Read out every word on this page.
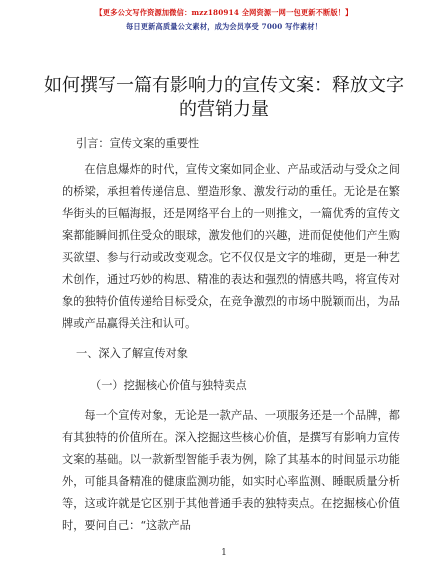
【更多公文写作资源加微信：mzz180914 全网资源一网一包更新不断版！】
每日更新高质量公文素材，成为会员享受 7000 写作素材！
如何撰写一篇有影响力的宣传文案：释放文字的营销力量

引言：宣传文案的重要性

在信息爆炸的时代，宣传文案如同企业、产品或活动与受众之间的桥梁，承担着传递信息、塑造形象、激发行动的重任。无论是在繁华街头的巨幅海报，还是网络平台上的一则推文，一篇优秀的宣传文案都能瞬间抓住受众的眼球，激发他们的兴趣，进而促使他们产生购买欲望、参与行动或改变观念。它不仅仅是文字的堆砌，更是一种艺术创作，通过巧妙的构思、精准的表达和强烈的情感共鸣，将宣传对象的独特价值传递给目标受众，在竞争激烈的市场中脱颖而出，为品牌或产品赢得关注和认可。

一、深入了解宣传对象

（一）挖掘核心价值与独特卖点

每一个宣传对象，无论是一款产品、一项服务还是一个品牌，都有其独特的价值所在。深入挖掘这些核心价值，是撰写有影响力宣传文案的基础。以一款新型智能手表为例，除了其基本的时间显示功能外，可能具备精准的健康监测功能，如实时心率监测、睡眠质量分析等，这或许就是它区别于其他普通手表的独特卖点。在挖掘核心价值时，要问自己：“这款产品

1
